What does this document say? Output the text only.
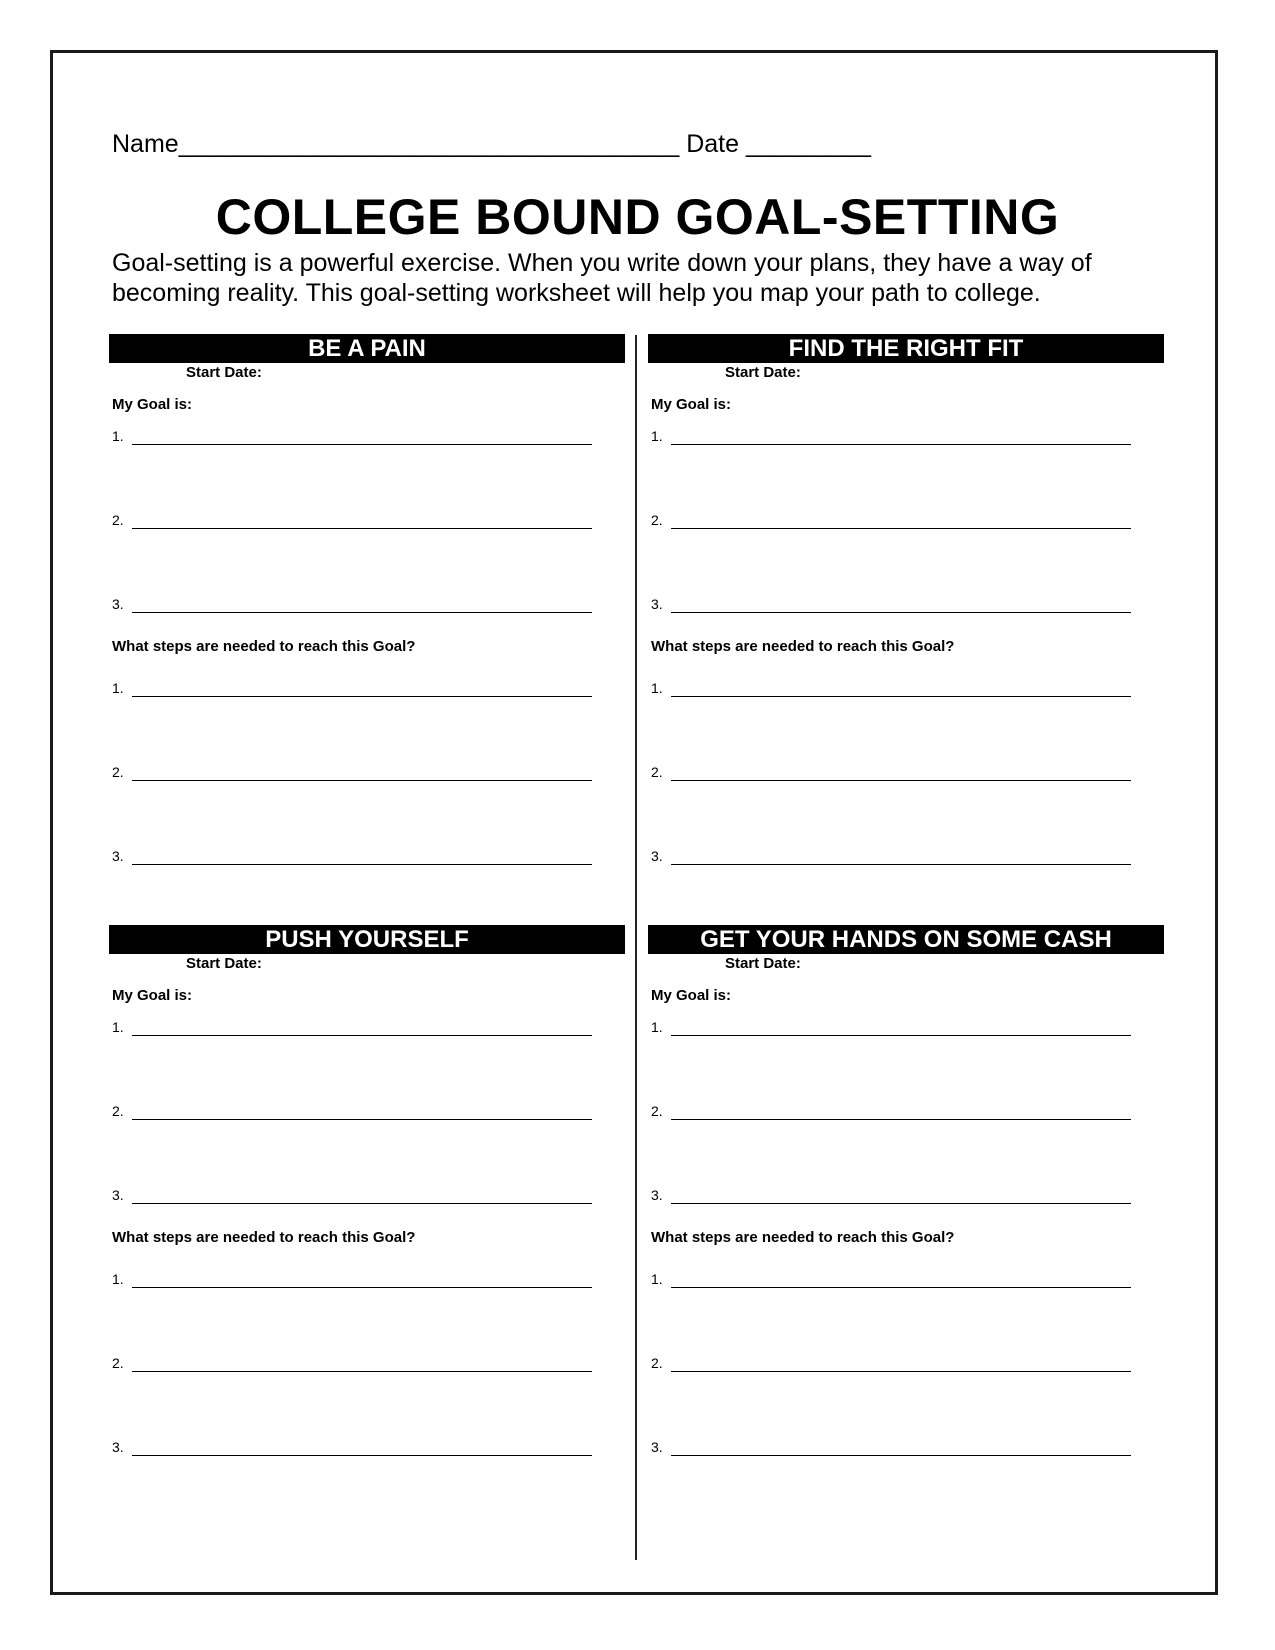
Name____________________________________ Date _________
COLLEGE BOUND GOAL-SETTING
Goal-setting is a powerful exercise. When you write down your plans, they have a way of
becoming reality. This goal-setting worksheet will help you map your path to college.
BE A PAIN
Start Date:
My Goal is:
1.
2.
3.
What steps are needed to reach this Goal?
1.
2.
3.
FIND THE RIGHT FIT
Start Date:
My Goal is:
1.
2.
3.
What steps are needed to reach this Goal?
1.
2.
3.
PUSH YOURSELF
Start Date:
My Goal is:
1.
2.
3.
What steps are needed to reach this Goal?
1.
2.
3.
GET YOUR HANDS ON SOME CASH
Start Date:
My Goal is:
1.
2.
3.
What steps are needed to reach this Goal?
1.
2.
3.
